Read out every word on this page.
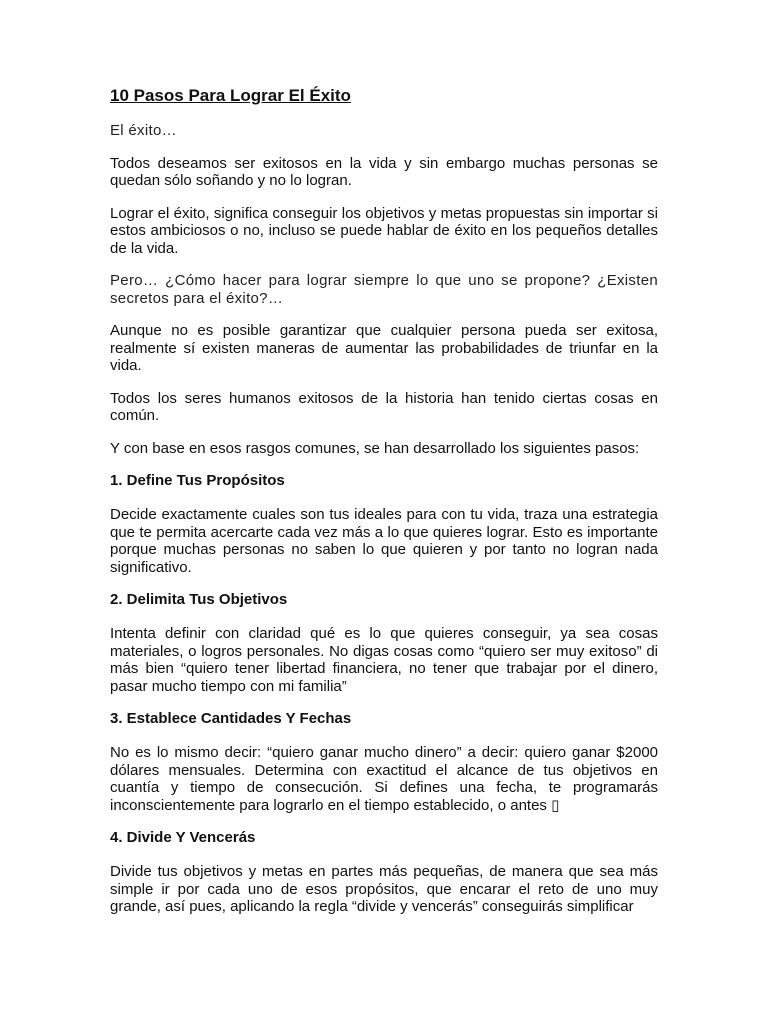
10 Pasos Para Lograr El Éxito

El éxito…

Todos deseamos ser exitosos en la vida y sin embargo muchas personas se quedan sólo soñando y no lo logran.

Lograr el éxito, significa conseguir los objetivos y metas propuestas sin importar si estos ambiciosos o no, incluso se puede hablar de éxito en los pequeños detalles de la vida.

Pero… ¿Cómo hacer para lograr siempre lo que uno se propone? ¿Existen secretos para el éxito?…

Aunque no es posible garantizar que cualquier persona pueda ser exitosa, realmente sí existen maneras de aumentar las probabilidades de triunfar en la vida.

Todos los seres humanos exitosos de la historia han tenido ciertas cosas en común.

Y con base en esos rasgos comunes, se han desarrollado los siguientes pasos:

1. Define Tus Propósitos

Decide exactamente cuales son tus ideales para con tu vida, traza una estrategia que te permita acercarte cada vez más a lo que quieres lograr. Esto es importante porque muchas personas no saben lo que quieren y por tanto no logran nada significativo.

2. Delimita Tus Objetivos

Intenta definir con claridad qué es lo que quieres conseguir, ya sea cosas materiales, o logros personales. No digas cosas como “quiero ser muy exitoso” di más bien “quiero tener libertad financiera, no tener que trabajar por el dinero, pasar mucho tiempo con mi familia”

3. Establece Cantidades Y Fechas

No es lo mismo decir: “quiero ganar mucho dinero” a decir: quiero ganar $2000 dólares mensuales. Determina con exactitud el alcance de tus objetivos en cuantía y tiempo de consecución. Si defines una fecha, te programarás inconscientemente para lograrlo en el tiempo establecido, o antes ▯

4. Divide Y Vencerás

Divide tus objetivos y metas en partes más pequeñas, de manera que sea más simple ir por cada uno de esos propósitos, que encarar el reto de uno muy grande, así pues, aplicando la regla “divide y vencerás” conseguirás simplificar
